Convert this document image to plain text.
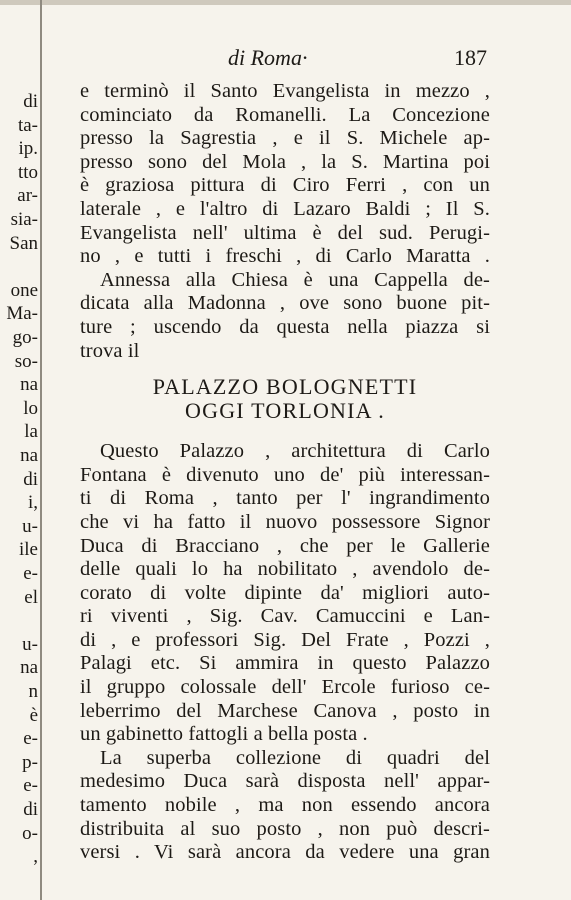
di
ta-
ip.
tto
ar-
sia-
San
one
Ma-
go-
so-
na
lo
la
na
di
i,
u-
ile
e-
el
u-
na
n
è
e-
p-
e-
di
o-
,
di Roma·	187
e terminò il Santo Evangelista in mezzo ,
cominciato da Romanelli. La Concezione
presso la Sagrestia , e il S. Michele ap-
presso sono del Mola , la S. Martina poi
è graziosa pittura di Ciro Ferri , con un
laterale , e l'altro di Lazaro Baldi ; Il S.
Evangelista nell' ultima è del sud. Perugi-
no , e tutti i freschi , di Carlo Maratta .
Annessa alla Chiesa è una Cappella de-
dicata alla Madonna , ove sono buone pit-
ture ; uscendo da questa nella piazza si
trova il
PALAZZO BOLOGNETTI
OGGI TORLONIA .
Questo Palazzo , architettura di Carlo
Fontana è divenuto uno de' più interessan-
ti di Roma , tanto per l' ingrandimento
che vi ha fatto il nuovo possessore Signor
Duca di Bracciano , che per le Gallerie
delle quali lo ha nobilitato , avendolo de-
corato di volte dipinte da' migliori auto-
ri viventi , Sig. Cav. Camuccini e Lan-
di , e professori Sig. Del Frate , Pozzi ,
Palagi etc. Si ammira in questo Palazzo
il gruppo colossale dell' Ercole furioso ce-
leberrimo del Marchese Canova , posto in
un gabinetto fattogli a bella posta .
La superba collezione di quadri del
medesimo Duca sarà disposta nell' appar-
tamento nobile , ma non essendo ancora
distribuita al suo posto , non può descri-
versi . Vi sarà ancora da vedere una gran
